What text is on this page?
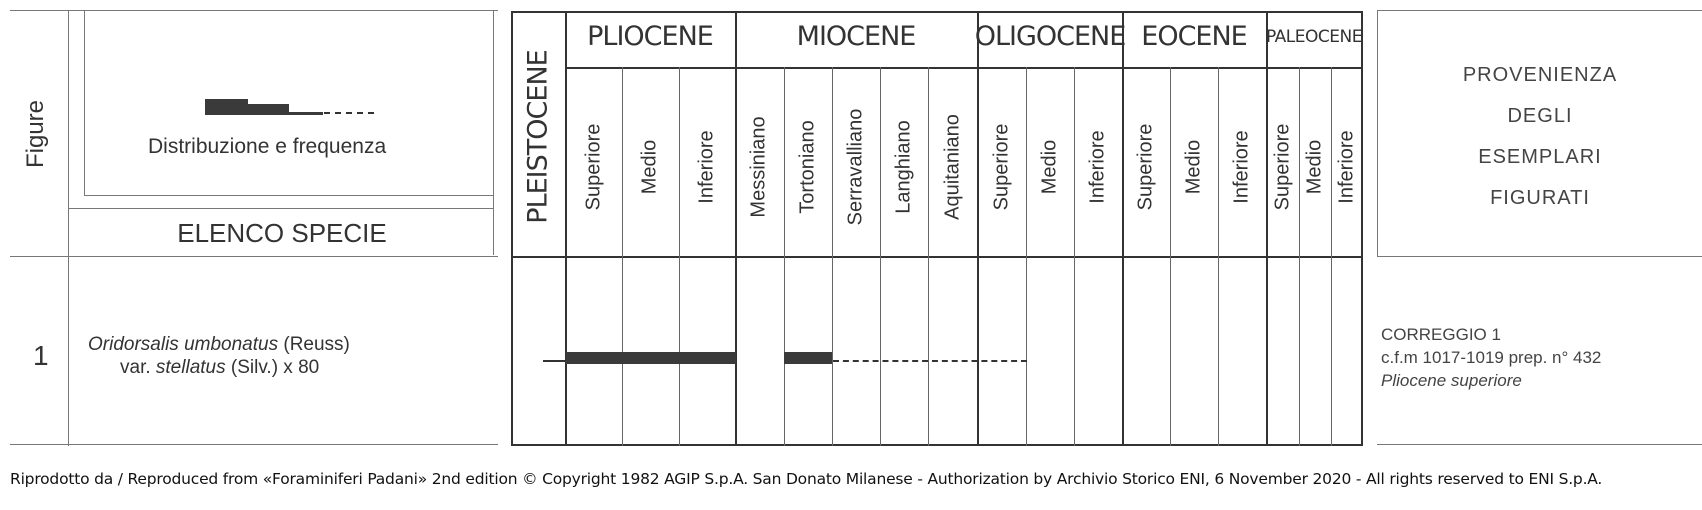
Figure	Distribuzione e frequenza
ELENCO SPECIE
1 Oridorsalis umbonatus (Reuss)
var. stellatus (Silv.) x 80
PLEISTOCENE
PLIOCENE	MIOCENE OLIGOCENE EOCENE PALEOCENE
Superiore Medio Inferiore Messiniano Tortoniano Serravalliano Langhiano Aquitaniano Superiore Medio Inferiore Superiore Medio Inferiore Superiore Medio Inferiore
PROVENIENZA
DEGLI
ESEMPLARI
FIGURATI
CORREGGIO 1
c.f.m 1017-1019 prep. n° 432
Pliocene superiore
Riprodotto da / Reproduced from «Foraminiferi Padani» 2nd edition © Copyright 1982 AGIP S.p.A. San Donato Milanese - Authorization by Archivio Storico ENI, 6 November 2020 - All rights reserved to ENI S.p.A.
